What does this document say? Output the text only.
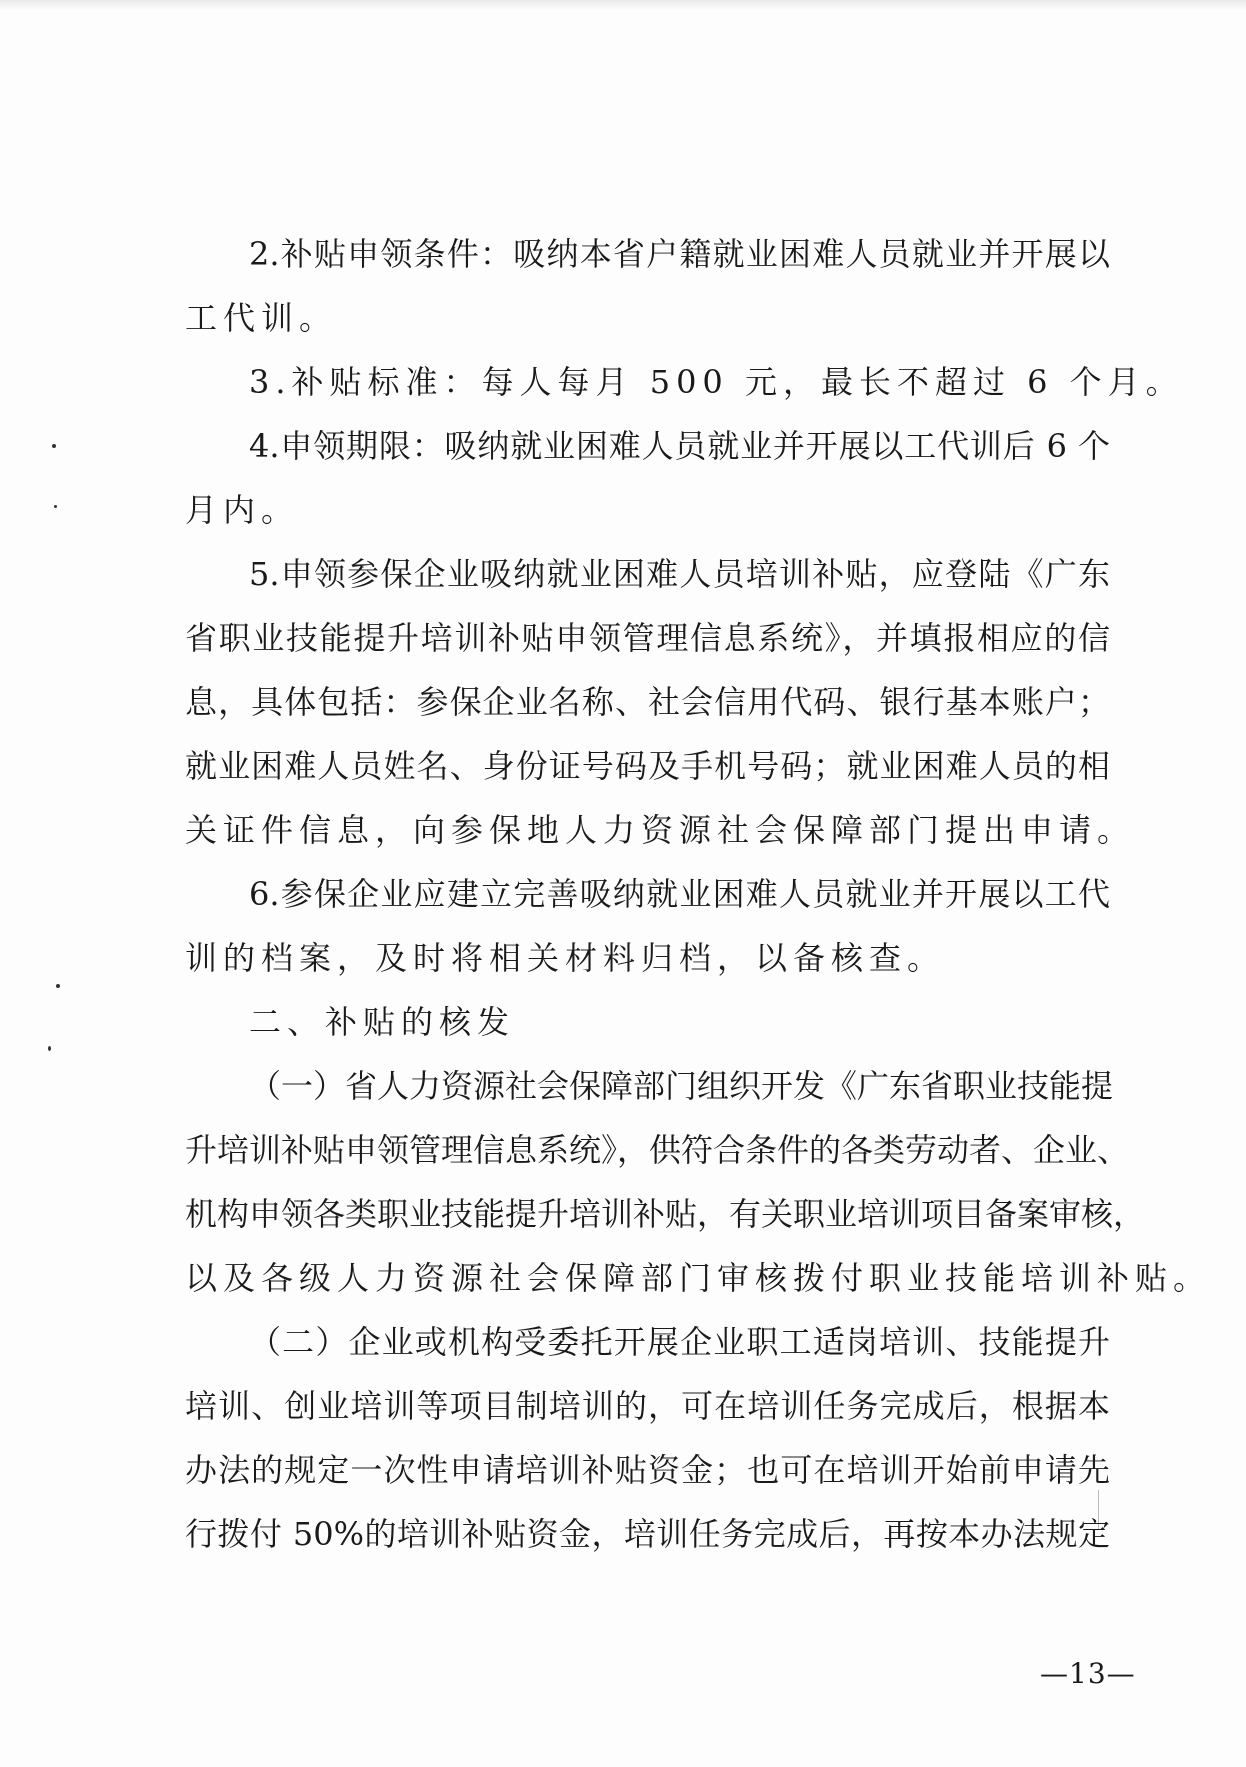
2.补贴申领条件：吸纳本省户籍就业困难人员就业并开展以
工代训。
3.补贴标准：每人每月 500 元，最长不超过 6 个月。
4.申领期限：吸纳就业困难人员就业并开展以工代训后 6 个
月内。
5.申领参保企业吸纳就业困难人员培训补贴，应登陆《广东
省职业技能提升培训补贴申领管理信息系统》，并填报相应的信
息，具体包括：参保企业名称、社会信用代码、银行基本账户；
就业困难人员姓名、身份证号码及手机号码；就业困难人员的相
关证件信息，向参保地人力资源社会保障部门提出申请。
6.参保企业应建立完善吸纳就业困难人员就业并开展以工代
训的档案，及时将相关材料归档，以备核查。
二、补贴的核发
（一）省人力资源社会保障部门组织开发《广东省职业技能提
升培训补贴申领管理信息系统》，供符合条件的各类劳动者、企业、
机构申领各类职业技能提升培训补贴，有关职业培训项目备案审核，
以及各级人力资源社会保障部门审核拨付职业技能培训补贴。
（二）企业或机构受委托开展企业职工适岗培训、技能提升
培训、创业培训等项目制培训的，可在培训任务完成后，根据本
办法的规定一次性申请培训补贴资金；也可在培训开始前申请先
行拨付 50%的培训补贴资金，培训任务完成后，再按本办法规定
—13—
